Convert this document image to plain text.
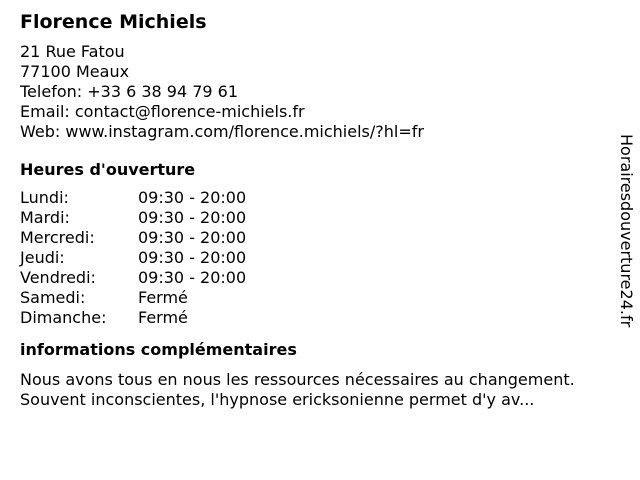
Florence Michiels
21 Rue Fatou
77100 Meaux
Telefon: +33 6 38 94 79 61
Email: contact@florence-michiels.fr
Web: www.instagram.com/florence.michiels/?hl=fr
Heures d'ouverture
Lundi:	09:30 - 20:00
Mardi:	09:30 - 20:00
Mercredi:	09:30 - 20:00
Jeudi:	09:30 - 20:00
Vendredi:	09:30 - 20:00
Samedi:	Fermé
Dimanche:	Fermé
informations complémentaires
Nous avons tous en nous les ressources nécessaires au changement.
Souvent inconscientes, l'hypnose ericksonienne permet d'y av...
Horairesdouverture24.fr
